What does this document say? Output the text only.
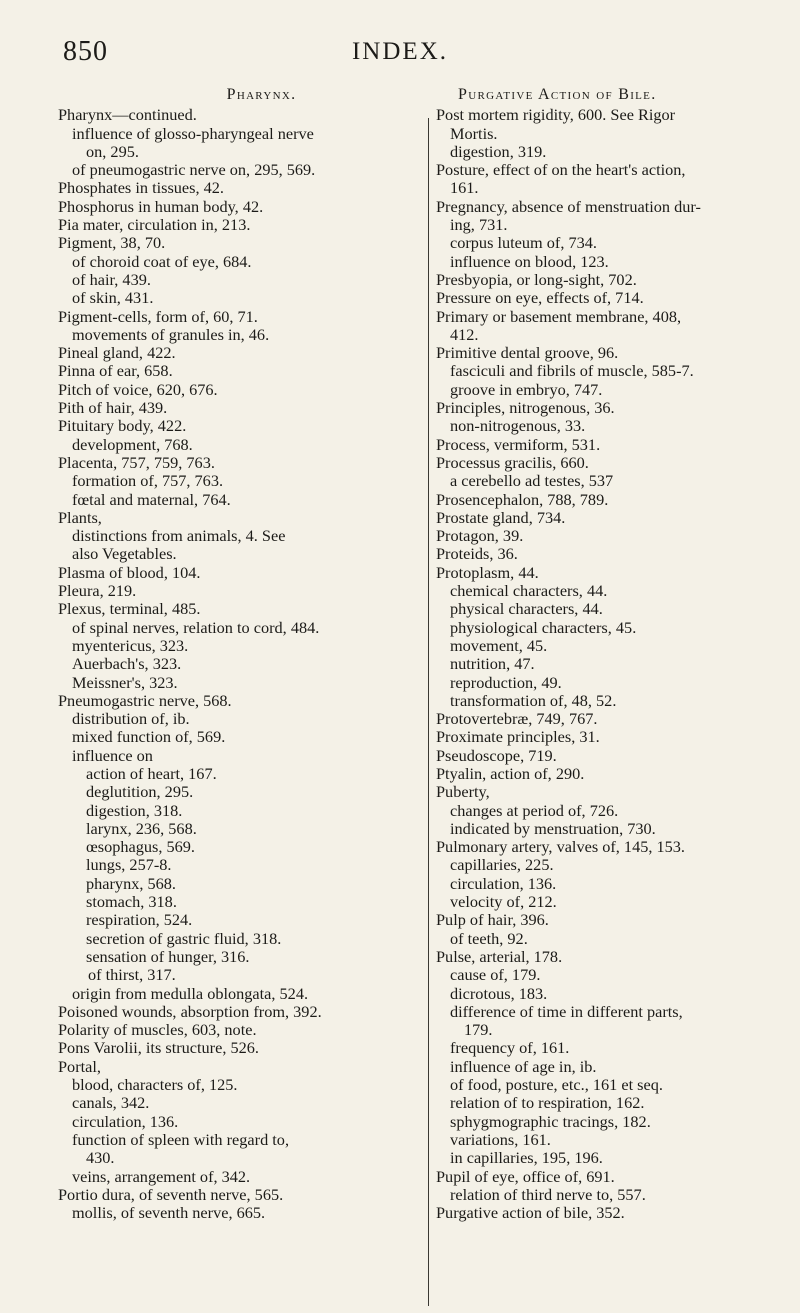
850	INDEX.
Pharynx.
Pharynx—continued.
influence of glosso-pharyngeal nerve
on, 295.
of pneumogastric nerve on, 295, 569.
Phosphates in tissues, 42.
Phosphorus in human body, 42.
Pia mater, circulation in, 213.
Pigment, 38, 70.
of choroid coat of eye, 684.
of hair, 439.
of skin, 431.
Pigment-cells, form of, 60, 71.
movements of granules in, 46.
Pineal gland, 422.
Pinna of ear, 658.
Pitch of voice, 620, 676.
Pith of hair, 439.
Pituitary body, 422.
development, 768.
Placenta, 757, 759, 763.
formation of, 757, 763.
fœtal and maternal, 764.
Plants,
distinctions from animals, 4. See
also Vegetables.
Plasma of blood, 104.
Pleura, 219.
Plexus, terminal, 485.
of spinal nerves, relation to cord, 484.
myentericus, 323.
Auerbach's, 323.
Meissner's, 323.
Pneumogastric nerve, 568.
distribution of, ib.
mixed function of, 569.
influence on
action of heart, 167.
deglutition, 295.
digestion, 318.
larynx, 236, 568.
œsophagus, 569.
lungs, 257-8.
pharynx, 568.
stomach, 318.
respiration, 524.
secretion of gastric fluid, 318.
sensation of hunger, 316.
of thirst, 317.
origin from medulla oblongata, 524.
Poisoned wounds, absorption from, 392.
Polarity of muscles, 603, note.
Pons Varolii, its structure, 526.
Portal,
blood, characters of, 125.
canals, 342.
circulation, 136.
function of spleen with regard to,
430.
veins, arrangement of, 342.
Portio dura, of seventh nerve, 565.
mollis, of seventh nerve, 665.
Purgative Action of Bile.
Post mortem rigidity, 600. See Rigor
Mortis.
digestion, 319.
Posture, effect of on the heart's action,
161.
Pregnancy, absence of menstruation dur-
ing, 731.
corpus luteum of, 734.
influence on blood, 123.
Presbyopia, or long-sight, 702.
Pressure on eye, effects of, 714.
Primary or basement membrane, 408,
412.
Primitive dental groove, 96.
fasciculi and fibrils of muscle, 585-7.
groove in embryo, 747.
Principles, nitrogenous, 36.
non-nitrogenous, 33.
Process, vermiform, 531.
Processus gracilis, 660.
a cerebello ad testes, 537
Prosencephalon, 788, 789.
Prostate gland, 734.
Protagon, 39.
Proteids, 36.
Protoplasm, 44.
chemical characters, 44.
physical characters, 44.
physiological characters, 45.
movement, 45.
nutrition, 47.
reproduction, 49.
transformation of, 48, 52.
Protovertebræ, 749, 767.
Proximate principles, 31.
Pseudoscope, 719.
Ptyalin, action of, 290.
Puberty,
changes at period of, 726.
indicated by menstruation, 730.
Pulmonary artery, valves of, 145, 153.
capillaries, 225.
circulation, 136.
velocity of, 212.
Pulp of hair, 396.
of teeth, 92.
Pulse, arterial, 178.
cause of, 179.
dicrotous, 183.
difference of time in different parts,
179.
frequency of, 161.
influence of age in, ib.
of food, posture, etc., 161 et seq.
relation of to respiration, 162.
sphygmographic tracings, 182.
variations, 161.
in capillaries, 195, 196.
Pupil of eye, office of, 691.
relation of third nerve to, 557.
Purgative action of bile, 352.
